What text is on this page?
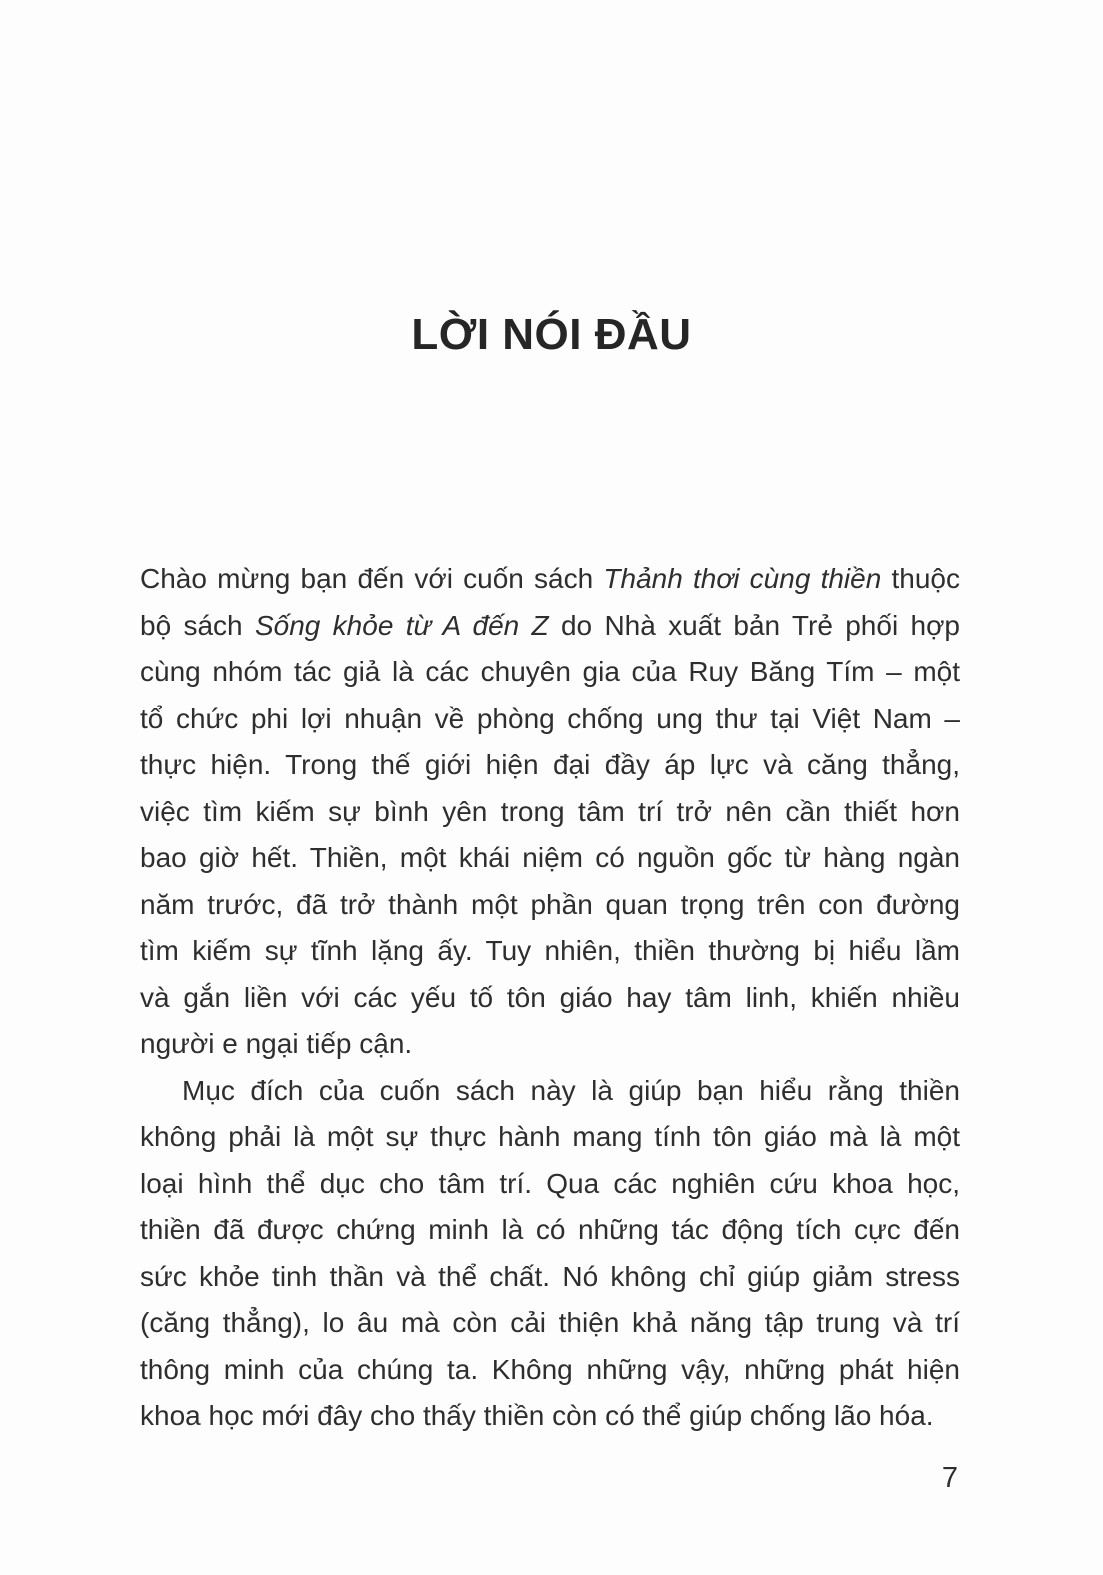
LỜI NÓI ĐẦU
Chào mừng bạn đến với cuốn sách Thảnh thơi cùng thiền thuộc
bộ sách Sống khỏe từ A đến Z do Nhà xuất bản Trẻ phối hợp
cùng nhóm tác giả là các chuyên gia của Ruy Băng Tím – một
tổ chức phi lợi nhuận về phòng chống ung thư tại Việt Nam –
thực hiện. Trong thế giới hiện đại đầy áp lực và căng thẳng,
việc tìm kiếm sự bình yên trong tâm trí trở nên cần thiết hơn
bao giờ hết. Thiền, một khái niệm có nguồn gốc từ hàng ngàn
năm trước, đã trở thành một phần quan trọng trên con đường
tìm kiếm sự tĩnh lặng ấy. Tuy nhiên, thiền thường bị hiểu lầm
và gắn liền với các yếu tố tôn giáo hay tâm linh, khiến nhiều
người e ngại tiếp cận.
Mục đích của cuốn sách này là giúp bạn hiểu rằng thiền
không phải là một sự thực hành mang tính tôn giáo mà là một
loại hình thể dục cho tâm trí. Qua các nghiên cứu khoa học,
thiền đã được chứng minh là có những tác động tích cực đến
sức khỏe tinh thần và thể chất. Nó không chỉ giúp giảm stress
(căng thẳng), lo âu mà còn cải thiện khả năng tập trung và trí
thông minh của chúng ta. Không những vậy, những phát hiện
khoa học mới đây cho thấy thiền còn có thể giúp chống lão hóa.
7
